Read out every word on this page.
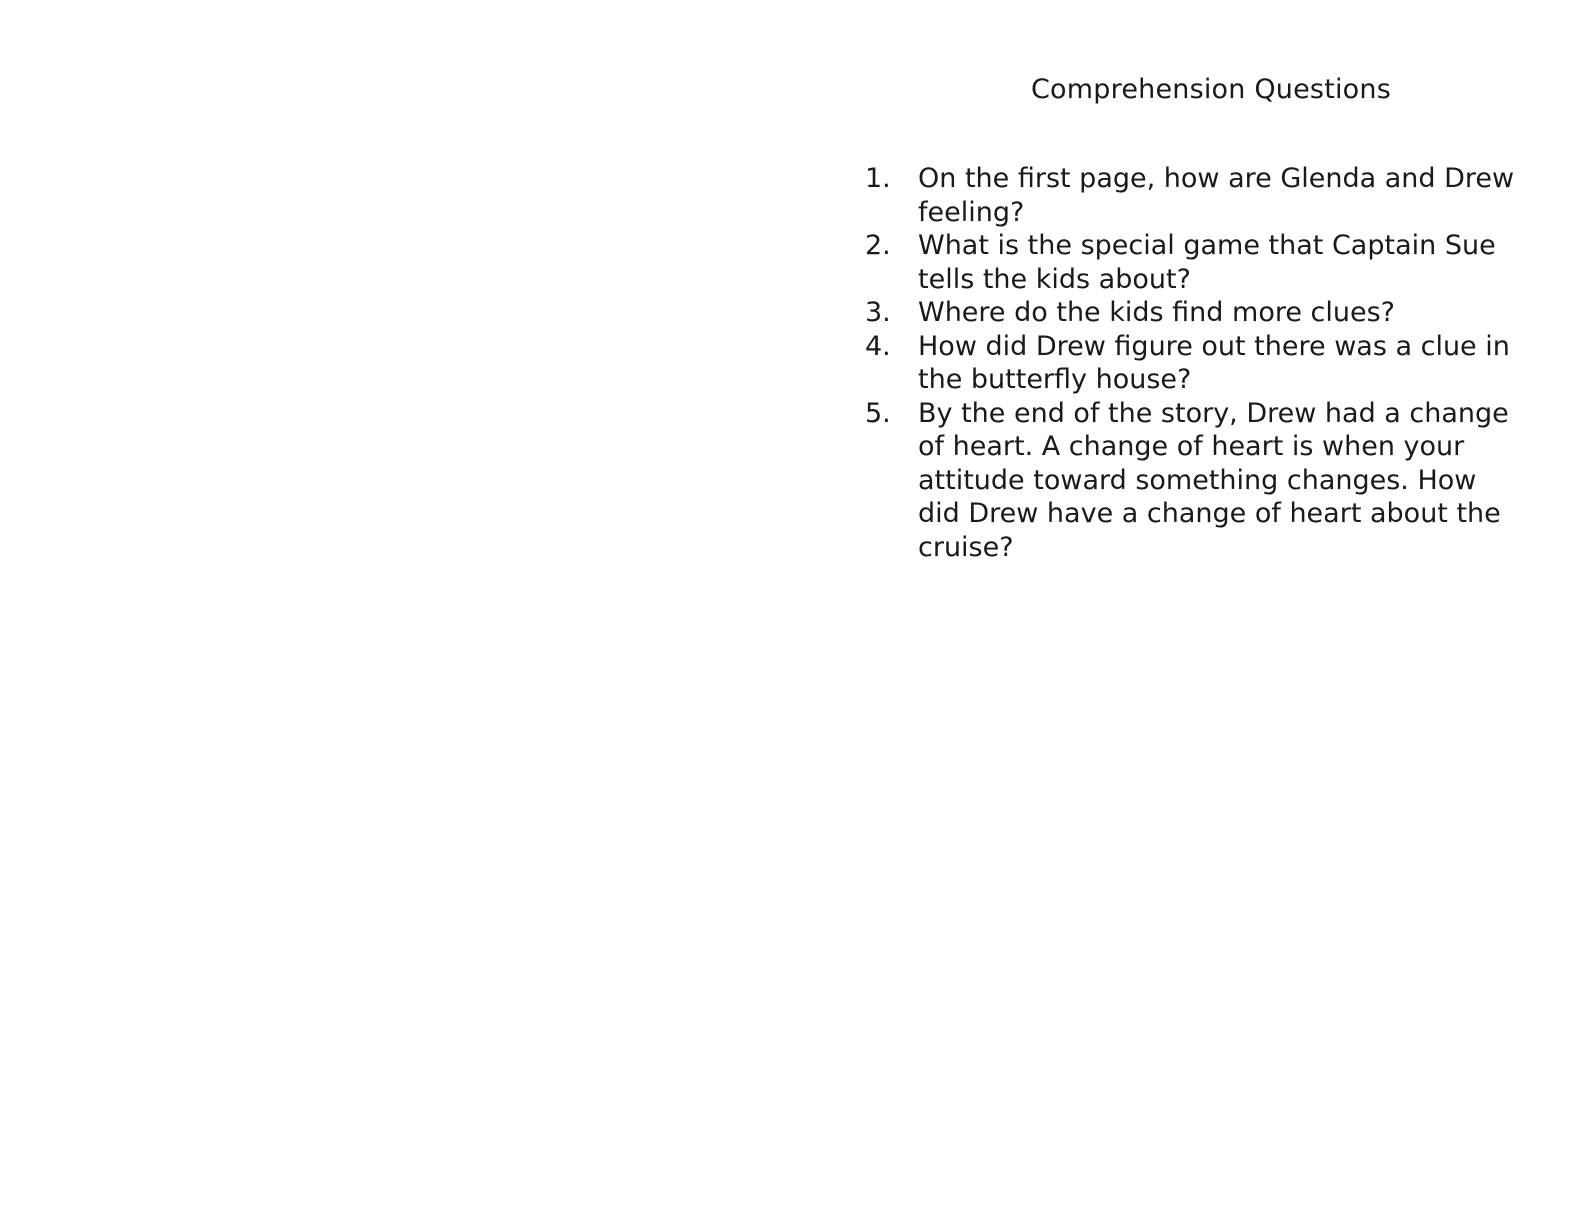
Comprehension Questions
1. On the first page, how are Glenda and Drew feeling?
2. What is the special game that Captain Sue tells the kids about?
3. Where do the kids find more clues?
4. How did Drew figure out there was a clue in the butterfly house?
5. By the end of the story, Drew had a change of heart. A change of heart is when your attitude toward something changes. How did Drew have a change of heart about the cruise?
